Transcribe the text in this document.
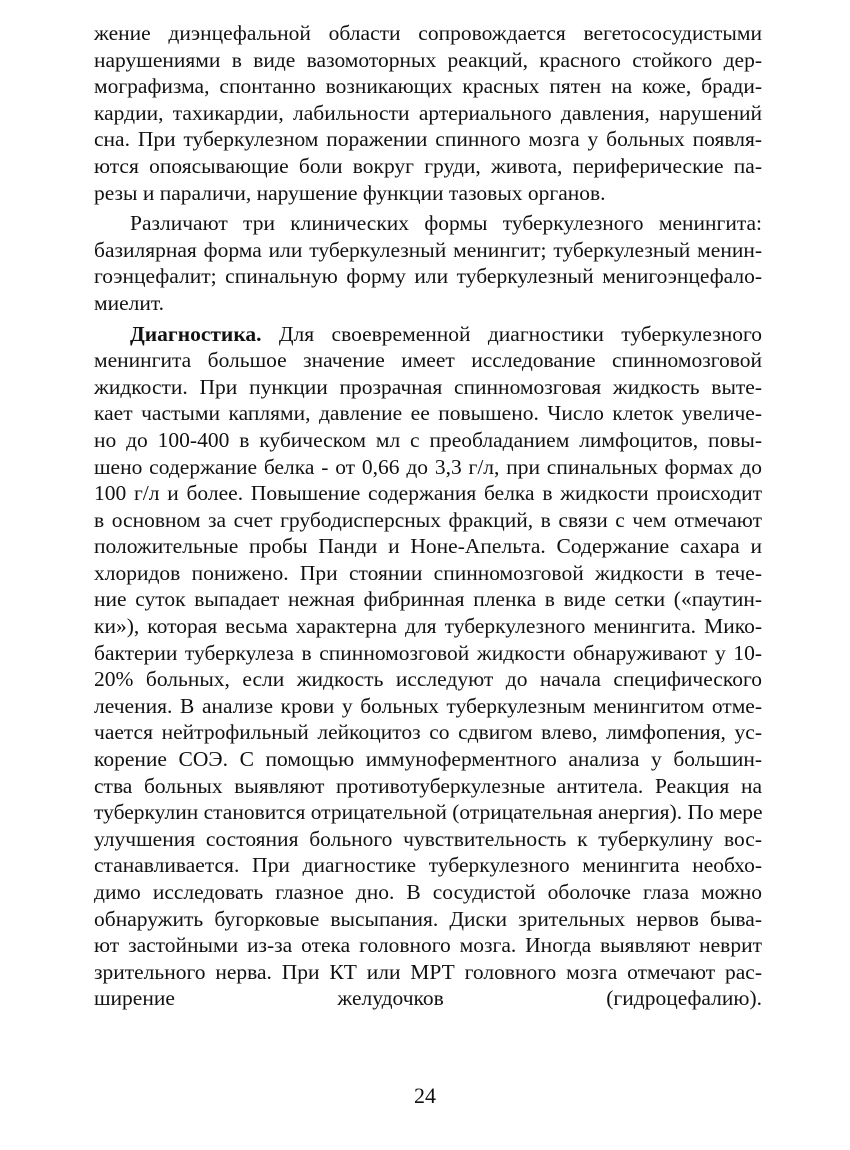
жение диэнцефальной области сопровождается вегетососудистыми
нарушениями в виде вазомоторных реакций, красного стойкого дер-
мографизма, спонтанно возникающих красных пятен на коже, бради-
кардии, тахикардии, лабильности артериального давления, нарушений
сна. При туберкулезном поражении спинного мозга у больных появля-
ются опоясывающие боли вокруг груди, живота, периферические па-
резы и параличи, нарушение функции тазовых органов.
Различают три клинических формы туберкулезного менингита:
базилярная форма или туберкулезный менингит; туберкулезный менин-
гоэнцефалит; спинальную форму или туберкулезный менигоэнцефало-
миелит.
Диагностика. Для своевременной диагностики туберкулезного
менингита большое значение имеет исследование спинномозговой
жидкости. При пункции прозрачная спинномозговая жидкость выте-
кает частыми каплями, давление ее повышено. Число клеток увеличе-
но до 100-400 в кубическом мл с преобладанием лимфоцитов, повы-
шено содержание белка - от 0,66 до 3,3 г/л, при спинальных формах до
100 г/л и более. Повышение содержания белка в жидкости происходит
в основном за счет грубодисперсных фракций, в связи с чем отмечают
положительные пробы Панди и Ноне-Апельта. Содержание сахара и
хлоридов понижено. При стоянии спинномозговой жидкости в тече-
ние суток выпадает нежная фибринная пленка в виде сетки («паутин-
ки»), которая весьма характерна для туберкулезного менингита. Мико-
бактерии туберкулеза в спинномозговой жидкости обнаруживают у 10-
20% больных, если жидкость исследуют до начала специфического
лечения. В анализе крови у больных туберкулезным менингитом отме-
чается нейтрофильный лейкоцитоз со сдвигом влево, лимфопения, ус-
корение СОЭ. С помощью иммуноферментного анализа у большин-
ства больных выявляют противотуберкулезные антитела. Реакция на
туберкулин становится отрицательной (отрицательная анергия). По мере
улучшения состояния больного чувствительность к туберкулину вос-
станавливается. При диагностике туберкулезного менингита необхо-
димо исследовать глазное дно. В сосудистой оболочке глаза можно
обнаружить бугорковые высыпания. Диски зрительных нервов быва-
ют застойными из-за отека головного мозга. Иногда выявляют неврит
зрительного нерва. При КТ или МРТ головного мозга отмечают рас-
ширение желудочков (гидроцефалию).
24
